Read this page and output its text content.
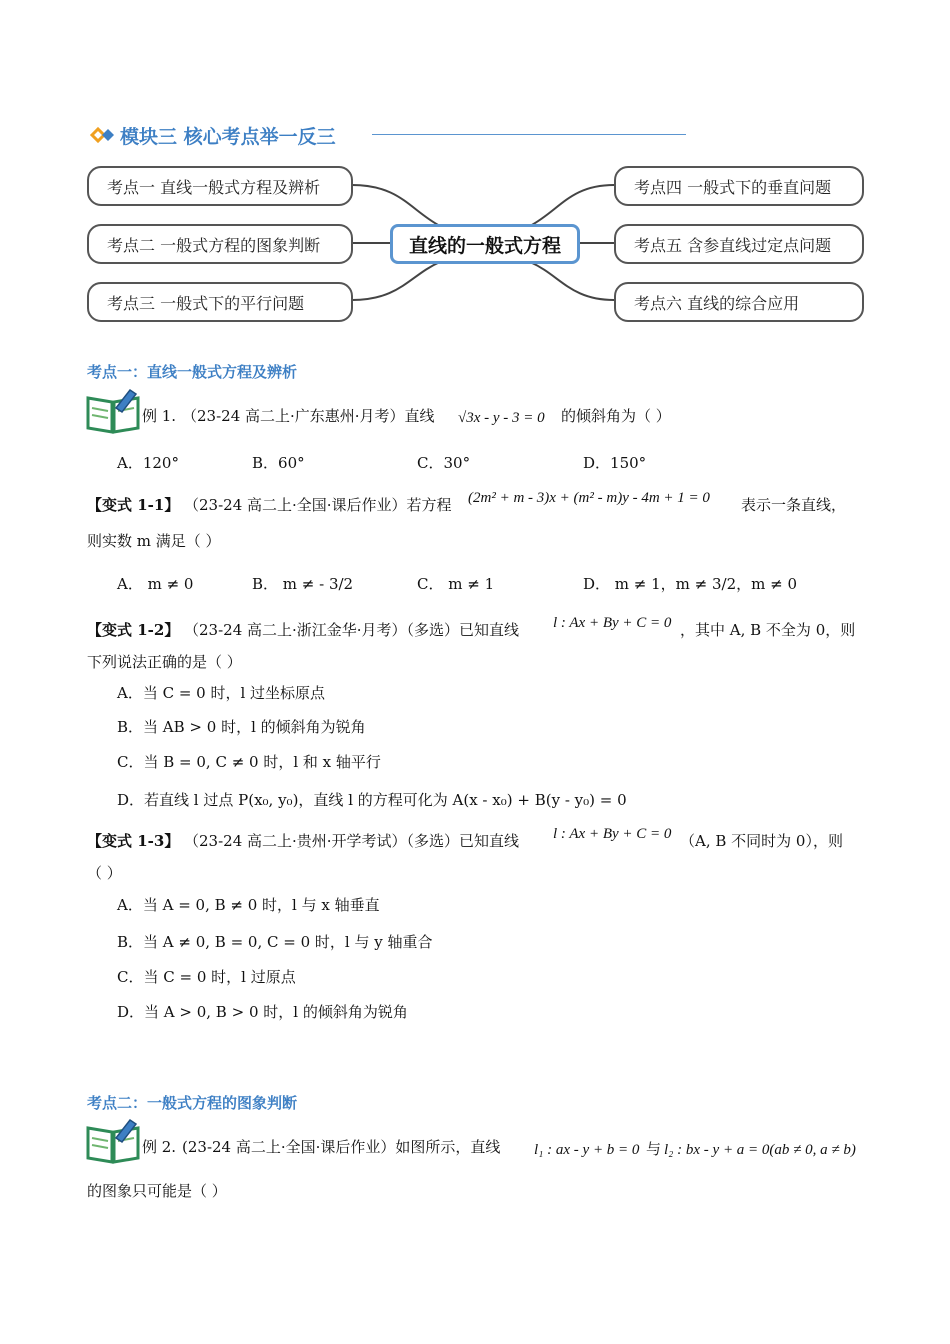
模块三 核心考点举一反三
考点一 直线一般式方程及辨析
考点二 一般式方程的图象判断
考点三 一般式下的平行问题
直线的一般式方程
考点四 一般式下的垂直问题
考点五 含参直线过定点问题
考点六 直线的综合应用
考点一：直线一般式方程及辨析
例 1. （23-24 高二上·广东惠州·月考）直线 √3x - y - 3 = 0 的倾斜角为（ ）
A．120°	B．60°	C．30°	D．150°
【变式 1-1】 （23-24 高二上·全国·课后作业）若方程 (2m² + m - 3)x + (m² - m)y - 4m + 1 = 0 表示一条直线，
则实数 m 满足（ ）
A． m ≠ 0	B． m ≠ - 3/2	C． m ≠ 1	D． m ≠ 1，m ≠ 3/2，m ≠ 0
【变式 1-2】 （23-24 高二上·浙江金华·月考）（多选）已知直线 l : Ax + By + C = 0 ，其中 A, B 不全为 0，则
下列说法正确的是（ ）
A．当 C = 0 时，l 过坐标原点
B．当 AB > 0 时，l 的倾斜角为锐角
C．当 B = 0, C ≠ 0 时，l 和 x 轴平行
D．若直线 l 过点 P(x₀, y₀)，直线 l 的方程可化为 A(x - x₀) + B(y - y₀) = 0
【变式 1-3】 （23-24 高二上·贵州·开学考试）（多选）已知直线 l : Ax + By + C = 0 （A, B 不同时为 0），则
（ ）
A．当 A = 0, B ≠ 0 时，l 与 x 轴垂直
B．当 A ≠ 0, B = 0, C = 0 时，l 与 y 轴重合
C．当 C = 0 时，l 过原点
D．当 A > 0, B > 0 时，l 的倾斜角为锐角
考点二：一般式方程的图象判断
例 2. (23-24 高二上·全国·课后作业）如图所示，直线 l₁ : ax - y + b = 0 与 l₂ : bx - y + a = 0(ab ≠ 0, a ≠ b)
的图象只可能是（ ）
